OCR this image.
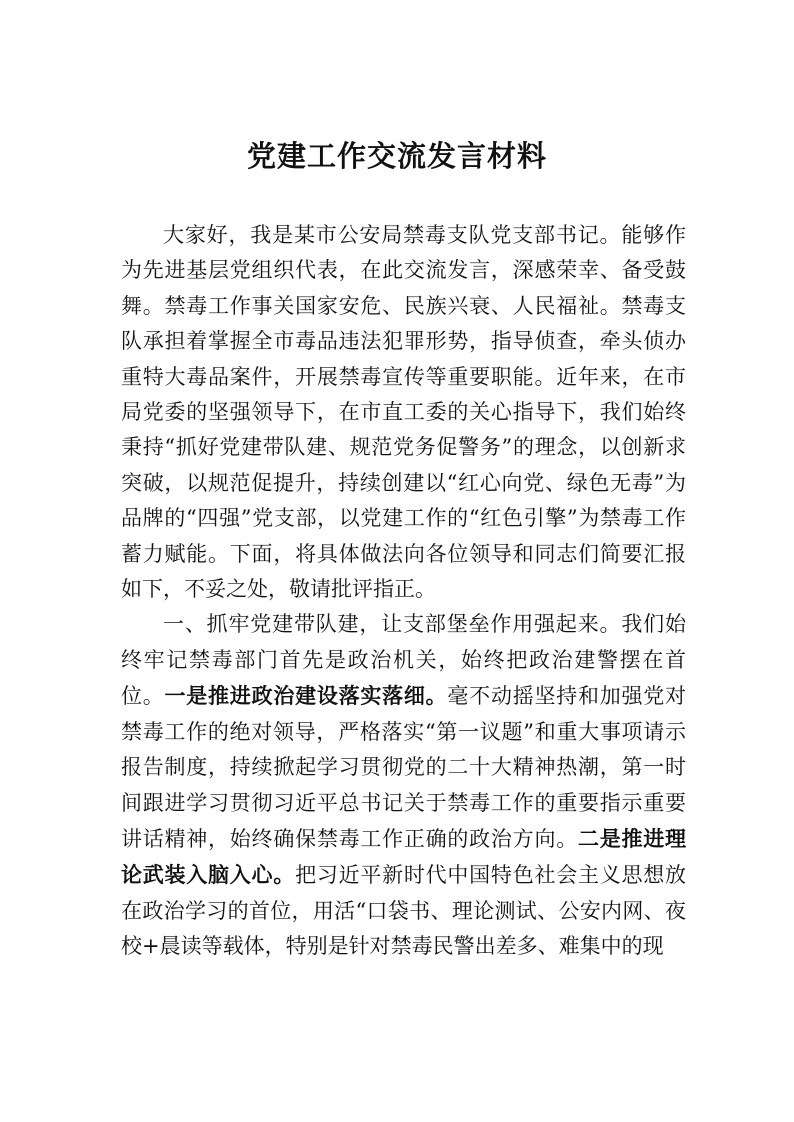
党建工作交流发言材料

大家好，我是某市公安局禁毒支队党支部书记。能够作为先进基层党组织代表，在此交流发言，深感荣幸、备受鼓舞。禁毒工作事关国家安危、民族兴衰、人民福祉。禁毒支队承担着掌握全市毒品违法犯罪形势，指导侦查，牵头侦办重特大毒品案件，开展禁毒宣传等重要职能。近年来，在市局党委的坚强领导下，在市直工委的关心指导下，我们始终秉持“抓好党建带队建、规范党务促警务”的理念，以创新求突破，以规范促提升，持续创建以“红心向党、绿色无毒”为品牌的“四强”党支部，以党建工作的“红色引擎”为禁毒工作蓄力赋能。下面，将具体做法向各位领导和同志们简要汇报如下，不妥之处，敬请批评指正。

一、抓牢党建带队建，让支部堡垒作用强起来。我们始终牢记禁毒部门首先是政治机关，始终把政治建警摆在首位。一是推进政治建设落实落细。毫不动摇坚持和加强党对禁毒工作的绝对领导，严格落实“第一议题”和重大事项请示报告制度，持续掀起学习贯彻党的二十大精神热潮，第一时间跟进学习贯彻习近平总书记关于禁毒工作的重要指示重要讲话精神，始终确保禁毒工作正确的政治方向。二是推进理论武装入脑入心。把习近平新时代中国特色社会主义思想放在政治学习的首位，用活“口袋书、理论测试、公安内网、夜校+晨读等载体，特别是针对禁毒民警出差多、难集中的现
